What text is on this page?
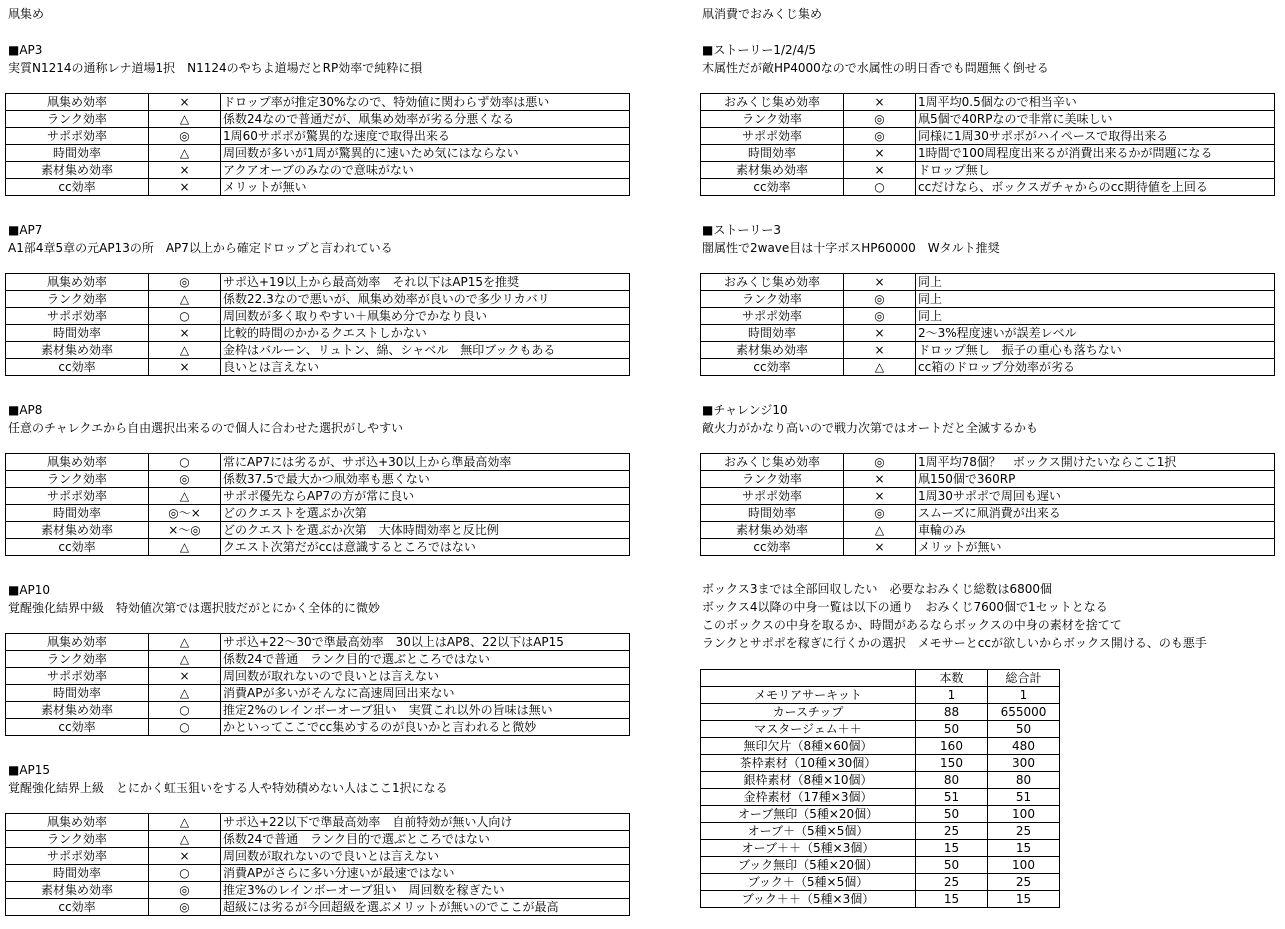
凧集め
■AP3
実質N1214の通称レナ道場1択　N1124のやちよ道場だとRP効率で純粋に損
凧集め効率	×	ドロップ率が推定30%なので、特効値に関わらず効率は悪い
ランク効率	△	係数24なので普通だが、凧集め効率が劣る分悪くなる
サポポ効率	◎	1周60サポポが驚異的な速度で取得出来る
時間効率	△	周回数が多いが1周が驚異的に速いため気にはならない
素材集め効率	×	アクアオーブのみなので意味がない
cc効率	×	メリットが無い
■AP7
A1部4章5章の元AP13の所　AP7以上から確定ドロップと言われている
凧集め効率	◎	サポ込+19以上から最高効率　それ以下はAP15を推奨
ランク効率	△	係数22.3なので悪いが、凧集め効率が良いので多少リカバリ
サポポ効率	○	周回数が多く取りやすい＋凧集め分でかなり良い
時間効率	×	比較的時間のかかるクエストしかない
素材集め効率	△	金枠はバルーン、リュトン、綿、シャベル　無印ブックもある
cc効率	×	良いとは言えない
■AP8
任意のチャレクエから自由選択出来るので個人に合わせた選択がしやすい
凧集め効率	○	常にAP7には劣るが、サポ込+30以上から準最高効率
ランク効率	◎	係数37.5で最大かつ凧効率も悪くない
サポポ効率	△	サポポ優先ならAP7の方が常に良い
時間効率	◎～×	どのクエストを選ぶか次第
素材集め効率	×～◎	どのクエストを選ぶか次第　大体時間効率と反比例
cc効率	△	クエスト次第だがccは意識するところではない
■AP10
覚醒強化結界中級　特効値次第では選択肢だがとにかく全体的に微妙
凧集め効率	△	サポ込+22～30で準最高効率　30以上はAP8、22以下はAP15
ランク効率	△	係数24で普通　ランク目的で選ぶところではない
サポポ効率	×	周回数が取れないので良いとは言えない
時間効率	△	消費APが多いがそんなに高速周回出来ない
素材集め効率	○	推定2%のレインボーオーブ狙い　実質これ以外の旨味は無い
cc効率	○	かといってここでcc集めするのが良いかと言われると微妙
■AP15
覚醒強化結界上級　とにかく虹玉狙いをする人や特効積めない人はここ1択になる
凧集め効率	△	サポ込+22以下で準最高効率　自前特効が無い人向け
ランク効率	△	係数24で普通　ランク目的で選ぶところではない
サポポ効率	×	周回数が取れないので良いとは言えない
時間効率	○	消費APがさらに多い分速いが最速ではない
素材集め効率	◎	推定3%のレインボーオーブ狙い　周回数を稼ぎたい
cc効率	◎	超級には劣るが今回超級を選ぶメリットが無いのでここが最高
凧消費でおみくじ集め
■ストーリー1/2/4/5
木属性だが敵HP4000なので水属性の明日香でも問題無く倒せる
おみくじ集め効率	×	1周平均0.5個なので相当辛い
ランク効率	◎	凧5個で40RPなので非常に美味しい
サポポ効率	◎	同様に1周30サポポがハイペースで取得出来る
時間効率	×	1時間で100周程度出来るが消費出来るかが問題になる
素材集め効率	×	ドロップ無し
cc効率	○	ccだけなら、ボックスガチャからのcc期待値を上回る
■ストーリー3
闇属性で2wave目は十字ボスHP60000　Wタルト推奨
おみくじ集め効率	×	同上
ランク効率	◎	同上
サポポ効率	◎	同上
時間効率	×	2～3%程度速いが誤差レベル
素材集め効率	×	ドロップ無し　振子の重心も落ちない
cc効率	△	cc箱のドロップ分効率が劣る
■チャレンジ10
敵火力がかなり高いので戦力次第ではオートだと全滅するかも
おみくじ集め効率	◎	1周平均78個？　ボックス開けたいならここ1択
ランク効率	×	凧150個で360RP
サポポ効率	×	1周30サポポで周回も遅い
時間効率	◎	スムーズに凧消費が出来る
素材集め効率	△	車輪のみ
cc効率	×	メリットが無い
ボックス3までは全部回収したい　必要なおみくじ総数は6800個
ボックス4以降の中身一覧は以下の通り　おみくじ7600個で1セットとなる
このボックスの中身を取るか、時間があるならボックスの中身の素材を捨てて
ランクとサポポを稼ぎに行くかの選択　メモサーとccが欲しいからボックス開ける、のも悪手
	本数	総合計
メモリアサーキット	1	1
カースチップ	88	655000
マスタージェム＋＋	50	50
無印欠片（8種×60個）	160	480
茶枠素材（10種×30個）	150	300
銀枠素材（8種×10個）	80	80
金枠素材（17種×3個）	51	51
オーブ無印（5種×20個）	50	100
オーブ＋（5種×5個）	25	25
オーブ＋＋（5種×3個）	15	15
ブック無印（5種×20個）	50	100
ブック＋（5種×5個）	25	25
ブック＋＋（5種×3個）	15	15
